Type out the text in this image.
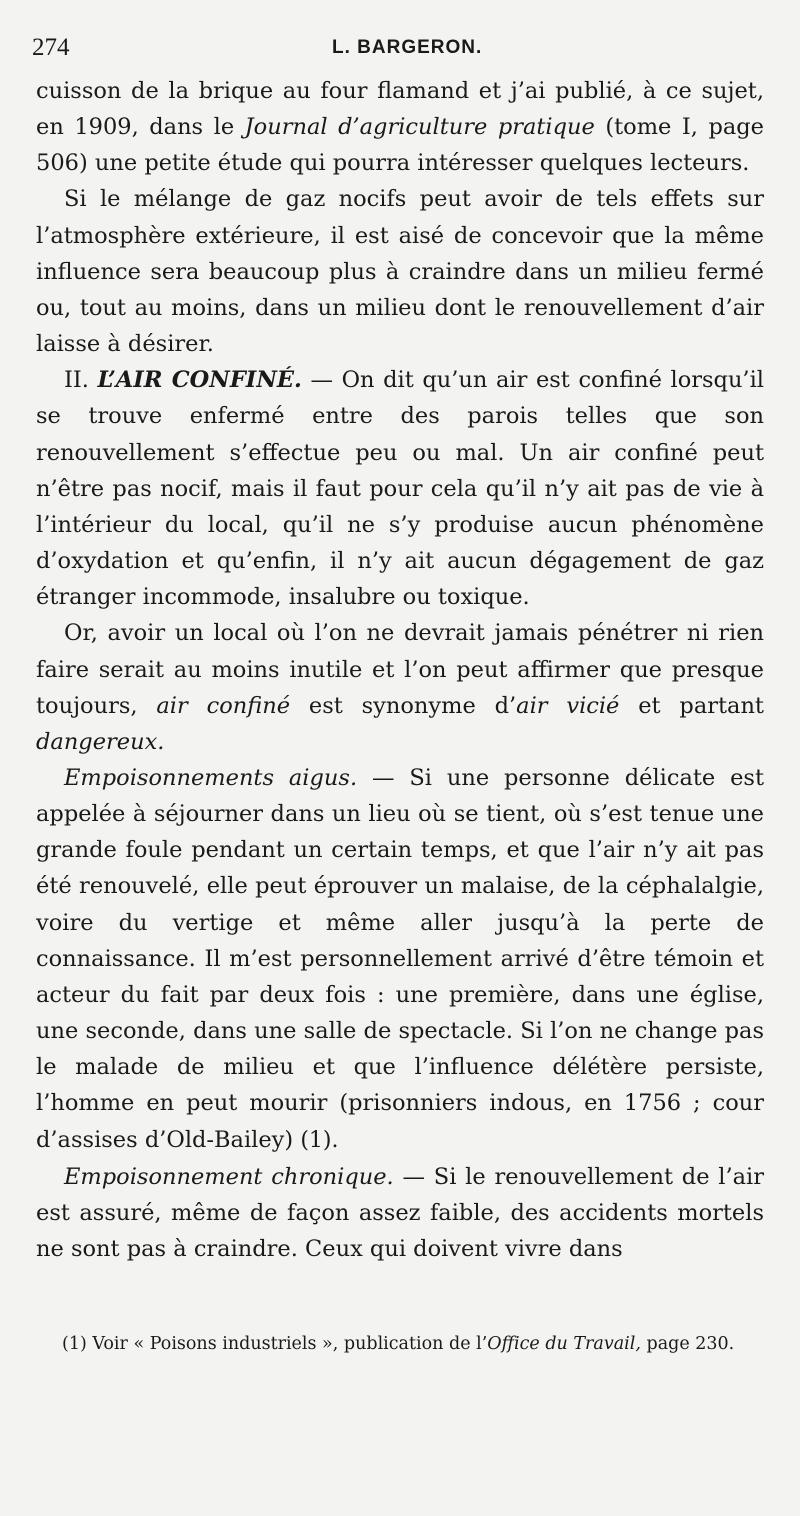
274	L. BARGERON.

cuisson de la brique au four flamand et j’ai publié, à ce sujet, en 1909, dans le Journal d’agriculture pratique (tome I, page 506) une petite étude qui pourra intéresser quelques lecteurs.

Si le mélange de gaz nocifs peut avoir de tels effets sur l’atmosphère extérieure, il est aisé de concevoir que la même influence sera beaucoup plus à craindre dans un milieu fermé ou, tout au moins, dans un milieu dont le renouvellement d’air laisse à désirer.

II. L’AIR CONFINÉ. — On dit qu’un air est confiné lorsqu’il se trouve enfermé entre des parois telles que son renouvellement s’effectue peu ou mal. Un air confiné peut n’être pas nocif, mais il faut pour cela qu’il n’y ait pas de vie à l’intérieur du local, qu’il ne s’y produise aucun phénomène d’oxydation et qu’enfin, il n’y ait aucun dégagement de gaz étranger incommode, insalubre ou toxique.

Or, avoir un local où l’on ne devrait jamais pénétrer ni rien faire serait au moins inutile et l’on peut affirmer que presque toujours, air confiné est synonyme d’air vicié et partant dangereux.

Empoisonnements aigus. — Si une personne délicate est appelée à séjourner dans un lieu où se tient, où s’est tenue une grande foule pendant un certain temps, et que l’air n’y ait pas été renouvelé, elle peut éprouver un malaise, de la céphalalgie, voire du vertige et même aller jusqu’à la perte de connaissance. Il m’est personnellement arrivé d’être témoin et acteur du fait par deux fois : une première, dans une église, une seconde, dans une salle de spectacle. Si l’on ne change pas le malade de milieu et que l’influence délétère persiste, l’homme en peut mourir (prisonniers indous, en 1756 ; cour d’assises d’Old-Bailey) (1).

Empoisonnement chronique. — Si le renouvellement de l’air est assuré, même de façon assez faible, des accidents mortels ne sont pas à craindre. Ceux qui doivent vivre dans

(1) Voir « Poisons industriels », publication de l’Office du Travail, page 230.
